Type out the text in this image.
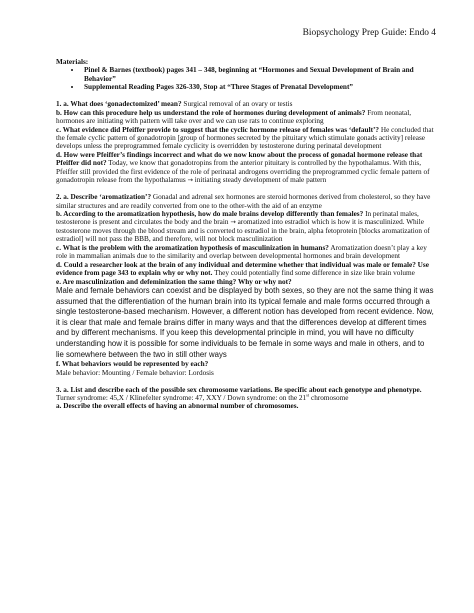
Biopsychology Prep Guide: Endo 4

Materials:

• Pinel & Barnes (textbook) pages 341 – 348, beginning at “Hormones and Sexual Development of Brain and Behavior”
• Supplemental Reading Pages 326-330, Stop at “Three Stages of Prenatal Development”

1. a. What does ‘gonadectomized’ mean? Surgical removal of an ovary or testis

b. How can this procedure help us understand the role of hormones during development of animals? From neonatal, hormones are initiating with pattern will take over and we can use rats to continue exploring

c. What evidence did Pfeiffer provide to suggest that the cyclic hormone release of females was ‘default’? He concluded that the female cyclic pattern of gonadotropin [group of hormones secreted by the pituitary which stimulate gonads activity] release develops unless the preprogrammed female cyclicity is overridden by testosterone during perinatal development

d. How were Pfeiffer’s findings incorrect and what do we now know about the process of gonadal hormone release that Pfeiffer did not? Today, we know that gonadotropins from the anterior pituitary is controlled by the hypothalamus. With this, Pfeiffer still provided the first evidence of the role of perinatal androgens overriding the preprogrammed cyclic female pattern of gonadotropin release from the hypothalamus → initiating steady development of male pattern

2. a. Describe ‘aromatization’? Gonadal and adrenal sex hormones are steroid hormones derived from cholesterol, so they have similar structures and are readily converted from one to the other-with the aid of an enzyme

b. According to the aromatization hypothesis, how do male brains develop differently than females? In perinatal males, testosterone is present and circulates the body and the brain → aromatized into estradiol which is how it is masculinized. While testosterone moves through the blood stream and is converted to estradiol in the brain, alpha fetoprotein [blocks aromatization of estradiol] will not pass the BBB, and therefore, will not block masculinization

c. What is the problem with the aromatization hypothesis of masculinization in humans? Aromatization doesn’t play a key role in mammalian animals due to the similarity and overlap between developmental hormones and brain development

d. Could a researcher look at the brain of any individual and determine whether that individual was male or female? Use evidence from page 343 to explain why or why not. They could potentially find some difference in size like brain volume

e. Are masculinization and defeminization the same thing? Why or why not?

Male and female behaviors can coexist and be displayed by both sexes, so they are not the same thing it was assumed that the differentiation of the human brain into its typical female and male forms occurred through a single testosterone-based mechanism. However, a different notion has developed from recent evidence. Now, it is clear that male and female brains differ in many ways and that the differences develop at different times and by different mechanisms. If you keep this developmental principle in mind, you will have no difficulty understanding how it is possible for some individuals to be female in some ways and male in others, and to lie somewhere between the two in still other ways

f. What behaviors would be represented by each?

Male behavior: Mounting / Female behavior: Lordosis

3. a. List and describe each of the possible sex chromosome variations. Be specific about each genotype and phenotype.

Turner syndrome: 45,X / Klinefelter syndrome: 47, XXY / Down syndrome: on the 21st chromosome

a. Describe the overall effects of having an abnormal number of chromosomes.
